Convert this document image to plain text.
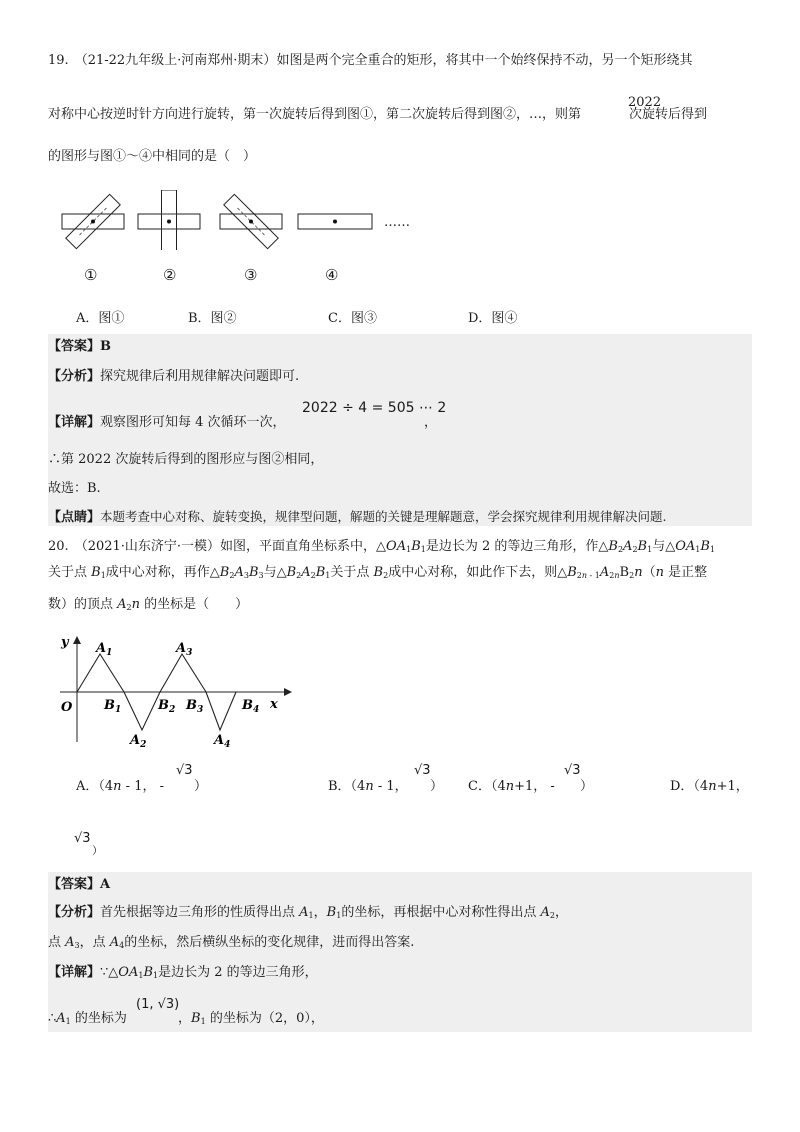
19. （21-22九年级上·河南郑州·期末）如图是两个完全重合的矩形，将其中一个始终保持不动，另一个矩形绕其
2022
对称中心按逆时针方向进行旋转，第一次旋转后得到图①，第二次旋转后得到图②，…，则第	次旋转后得到
的图形与图①～④中相同的是（　）
……
①	②	③	④
A．图①	B．图②	C．图③	D．图④
【答案】B
【分析】探究规律后利用规律解决问题即可.
【详解】观察图形可知每 4 次循环一次，
2022 ÷ 4 = 505 ⋯ 2
，
∴第 2022 次旋转后得到的图形应与图②相同，
故选：B.
【点睛】本题考查中心对称、旋转变换，规律型问题，解题的关键是理解题意，学会探究规律利用规律解决问题.
20. （2021·山东济宁·一模）如图，平面直角坐标系中，$\triangle OA_1B_1$是边长为 2 的等边三角形，作$\triangle B_2A_2B_1$与$\triangle OA_1B_1$
关于点 $B_1$成中心对称，再作$\triangle B_2A_3B_3$与$\triangle B_2A_2B_1$关于点 $B_2$成中心对称，如此作下去，则$\triangle B_{2n - 1}A_{2n}B_2n(n$ 是正整
数）的顶点 $A_2n$ 的坐标是（　　）
y
x
O
$A_1$	$A_3$
$A_2$	$A_4$
$B_1$	$B_2$ $B_3$	$B_4$
A．（4n - 1， -
√3
）	B．（4n - 1，
√3
） C．（4n+1， -
√3
）	D．（4n+1，
√3
）
【答案】A
【分析】首先根据等边三角形的性质得出点 $A_1$，$B_1$的坐标，再根据中心对称性得出点 $A_2$，
点 $A_3$，点 $A_4$的坐标，然后横纵坐标的变化规律，进而得出答案.
【详解】$\because\triangle OA_1B_1$是边长为 2 的等边三角形，
$\therefore A_1$ 的坐标为
(1, √3)
，$B_1$ 的坐标为（2，0），
